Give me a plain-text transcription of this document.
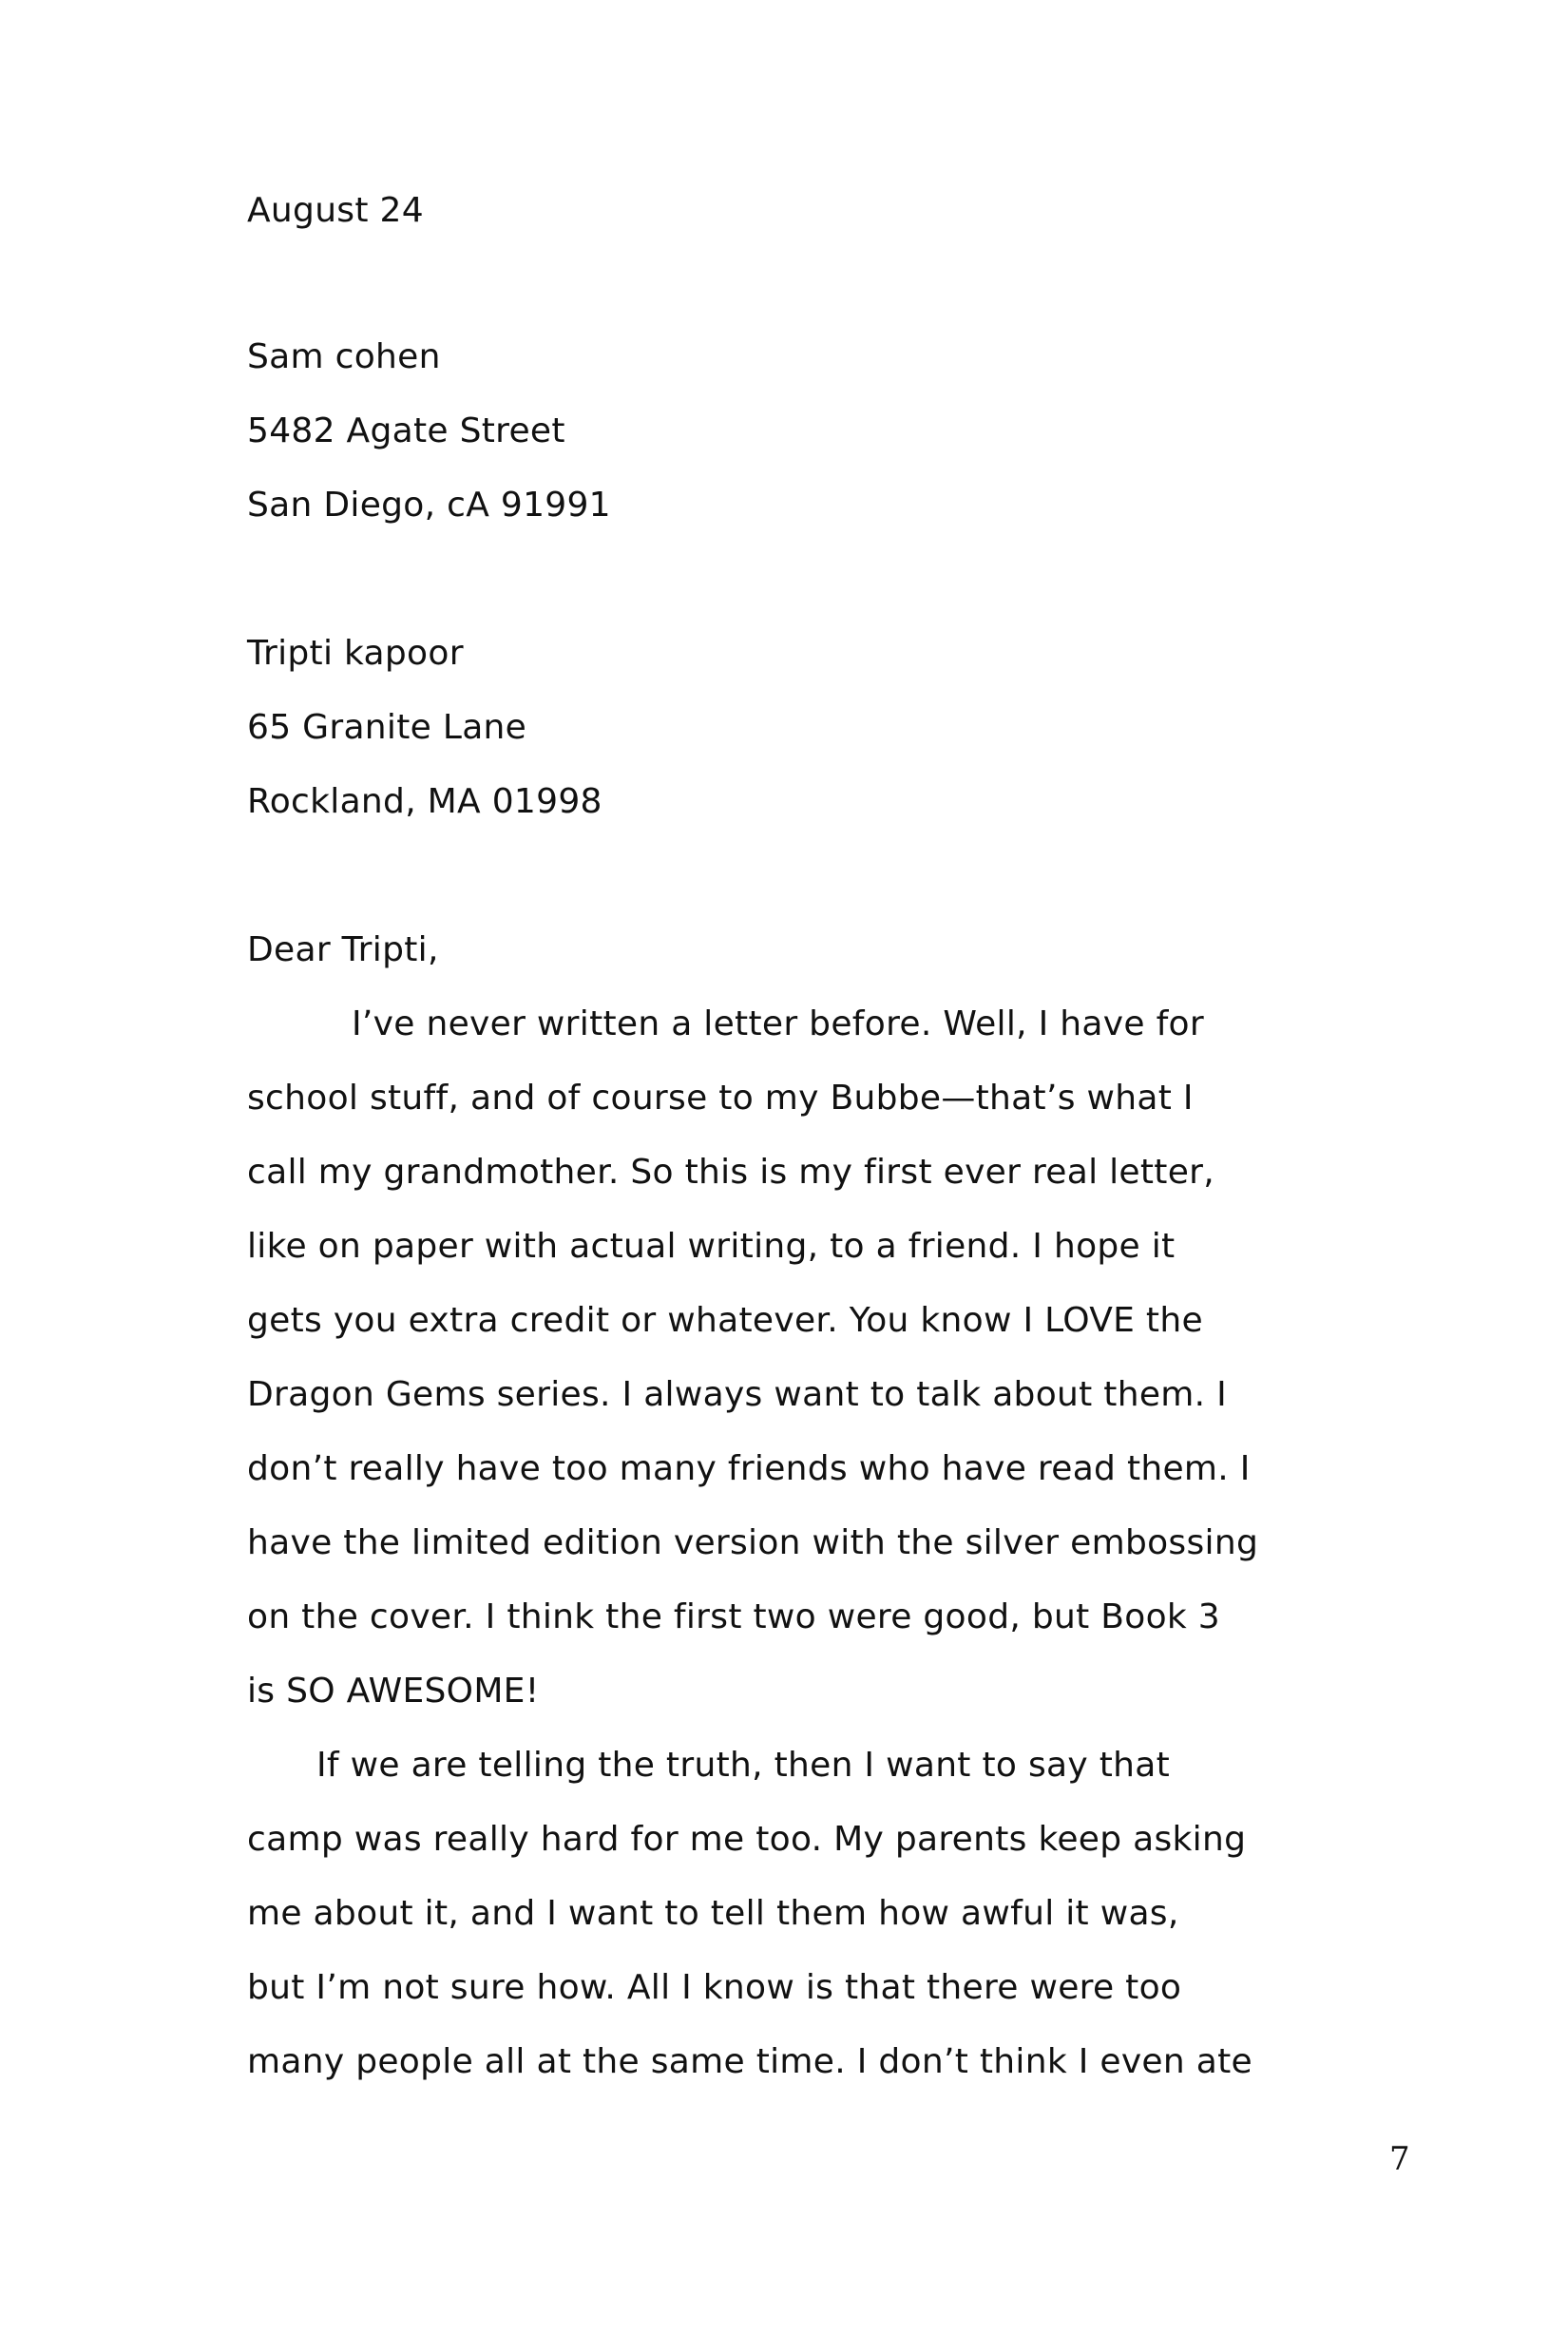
August 24
Sam cohen
5482 Agate Street
San Diego, cA 91991
Tripti kapoor
65 Granite Lane
Rockland, MA 01998
Dear Tripti,
I’ve never written a letter before. Well, I have for
school stuff, and of course to my Bubbe—that’s what I
call my grandmother. So this is my first ever real letter,
like on paper with actual writing, to a friend. I hope it
gets you extra credit or whatever. You know I LOVE the
Dragon Gems series. I always want to talk about them. I
don’t really have too many friends who have read them. I
have the limited edition version with the silver embossing
on the cover. I think the first two were good, but Book 3
is SO AWESOME!
If we are telling the truth, then I want to say that
camp was really hard for me too. My parents keep asking
me about it, and I want to tell them how awful it was,
but I’m not sure how. All I know is that there were too
many people all at the same time. I don’t think I even ate
7
